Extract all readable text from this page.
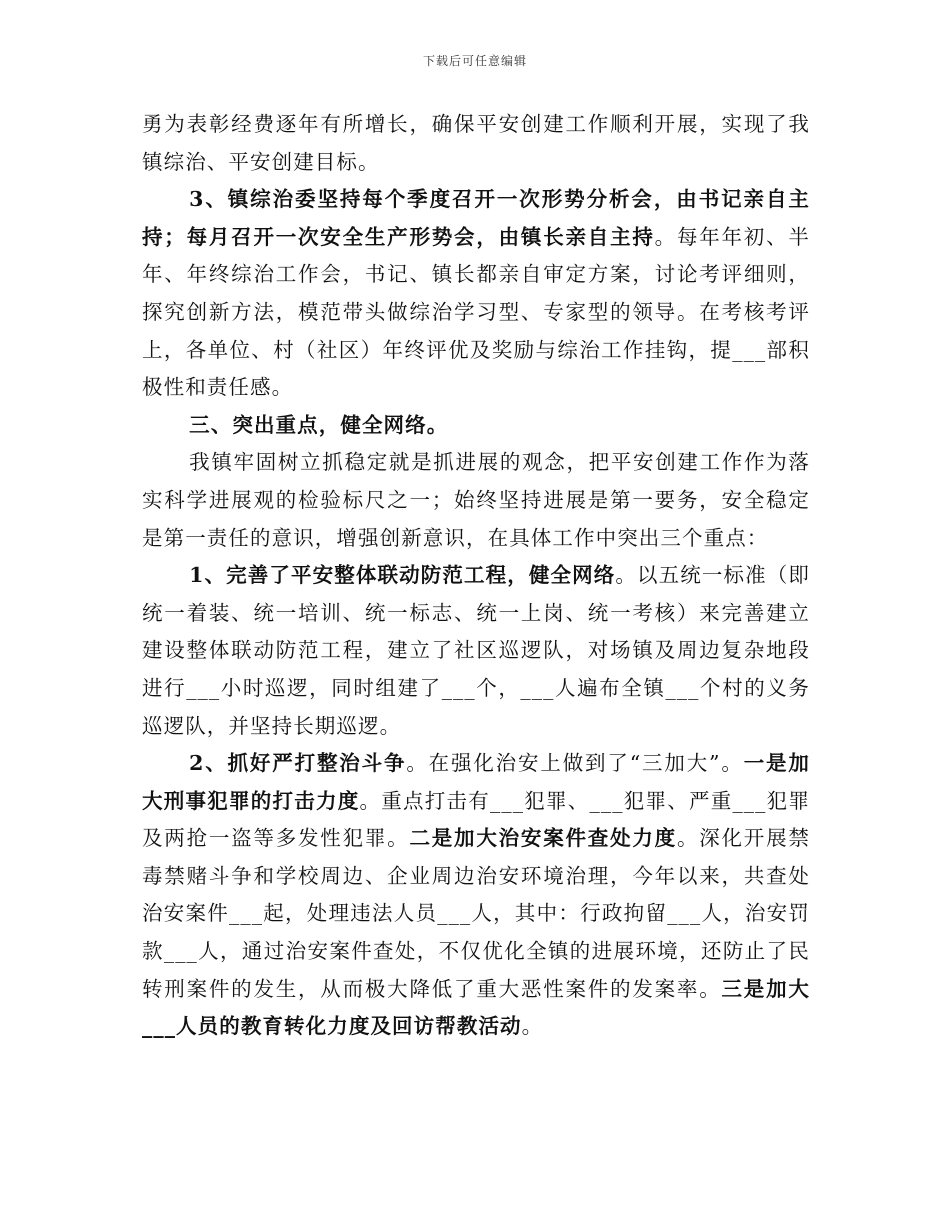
下载后可任意编辑

勇为表彰经费逐年有所增长，确保平安创建工作顺利开展，实现了我镇综治、平安创建目标。

3、镇综治委坚持每个季度召开一次形势分析会，由书记亲自主持；每月召开一次安全生产形势会，由镇长亲自主持。每年年初、半年、年终综治工作会，书记、镇长都亲自审定方案，讨论考评细则，探究创新方法，模范带头做综治学习型、专家型的领导。在考核考评上，各单位、村（社区）年终评优及奖励与综治工作挂钩，提___部积极性和责任感。

三、突出重点，健全网络。

我镇牢固树立抓稳定就是抓进展的观念，把平安创建工作作为落实科学进展观的检验标尺之一；始终坚持进展是第一要务，安全稳定是第一责任的意识，增强创新意识，在具体工作中突出三个重点：

1、完善了平安整体联动防范工程，健全网络。以五统一标准（即统一着装、统一培训、统一标志、统一上岗、统一考核）来完善建立建设整体联动防范工程，建立了社区巡逻队，对场镇及周边复杂地段进行___小时巡逻，同时组建了___个，___人遍布全镇___个村的义务巡逻队，并坚持长期巡逻。

2、抓好严打整治斗争。在强化治安上做到了“三加大”。一是加大刑事犯罪的打击力度。重点打击有___犯罪、___犯罪、严重___犯罪及两抢一盗等多发性犯罪。二是加大治安案件查处力度。深化开展禁毒禁赌斗争和学校周边、企业周边治安环境治理，今年以来，共查处治安案件___起，处理违法人员___人，其中：行政拘留___人，治安罚款___人，通过治安案件查处，不仅优化全镇的进展环境，还防止了民转刑案件的发生，从而极大降低了重大恶性案件的发案率。三是加大___人员的教育转化力度及回访帮教活动。
